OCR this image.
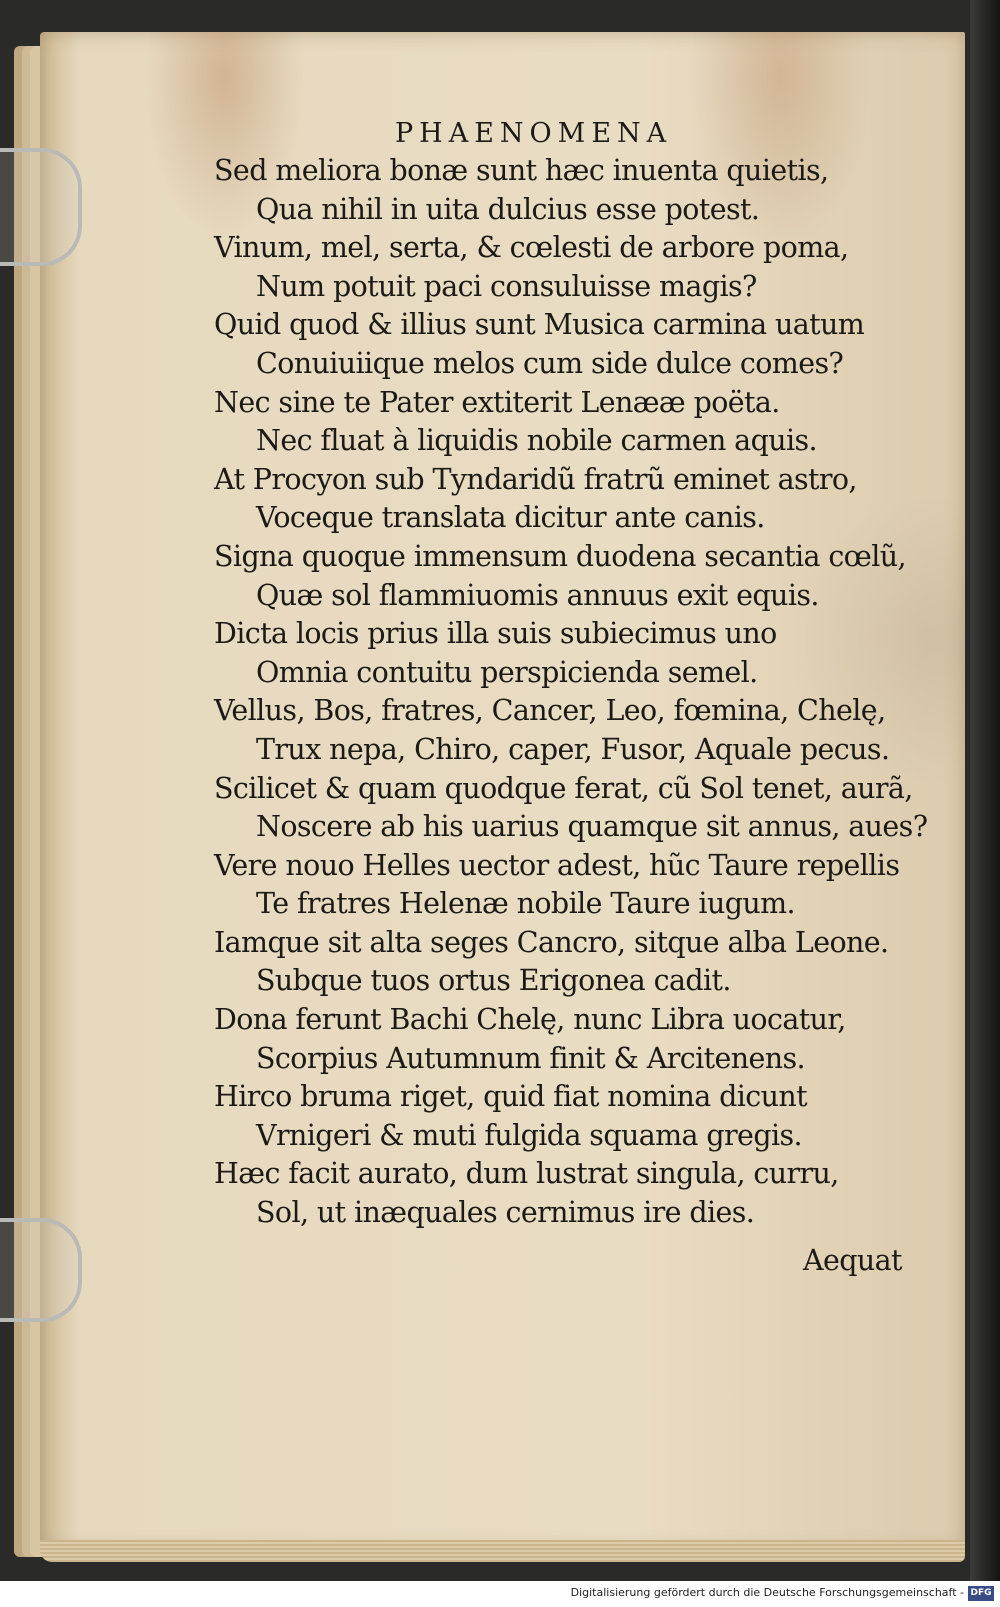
PHAENOMENA
Sed meliora bonæ sunt hæc inuenta quietis,
Qua nihil in uita dulcius esse potest.
Vinum, mel, serta, & cœlesti de arbore poma,
Num potuit paci consuluisse magis?
Quid quod & illius sunt Musica carmina uatum
Conuiuiique melos cum side dulce comes?
Nec sine te Pater extiterit Lenææ poëta.
Nec fluat à liquidis nobile carmen aquis.
At Procyon sub Tyndaridũ fratrũ eminet astro,
Voceque translata dicitur ante canis.
Signa quoque immensum duodena secantia cœlũ,
Quæ sol flammiuomis annuus exit equis.
Dicta locis prius illa suis subiecimus uno
Omnia contuitu perspicienda semel.
Vellus, Bos, fratres, Cancer, Leo, fœmina, Chelę,
Trux nepa, Chiro, caper, Fusor, Aquale pecus.
Scilicet & quam quodque ferat, cũ Sol tenet, aurã,
Noscere ab his uarius quamque sit annus, aues?
Vere nouo Helles uector adest, hũc Taure repellis
Te fratres Helenæ nobile Taure iugum.
Iamque sit alta seges Cancro, sitque alba Leone.
Subque tuos ortus Erigonea cadit.
Dona ferunt Bachi Chelę, nunc Libra uocatur,
Scorpius Autumnum finit & Arcitenens.
Hirco bruma riget, quid fiat nomina dicunt
Vrnigeri & muti fulgida squama gregis.
Hæc facit aurato, dum lustrat singula, curru,
Sol, ut inæquales cernimus ire dies.
Aequat
Digitalisierung gefördert durch die Deutsche Forschungsgemeinschaft - DFG
